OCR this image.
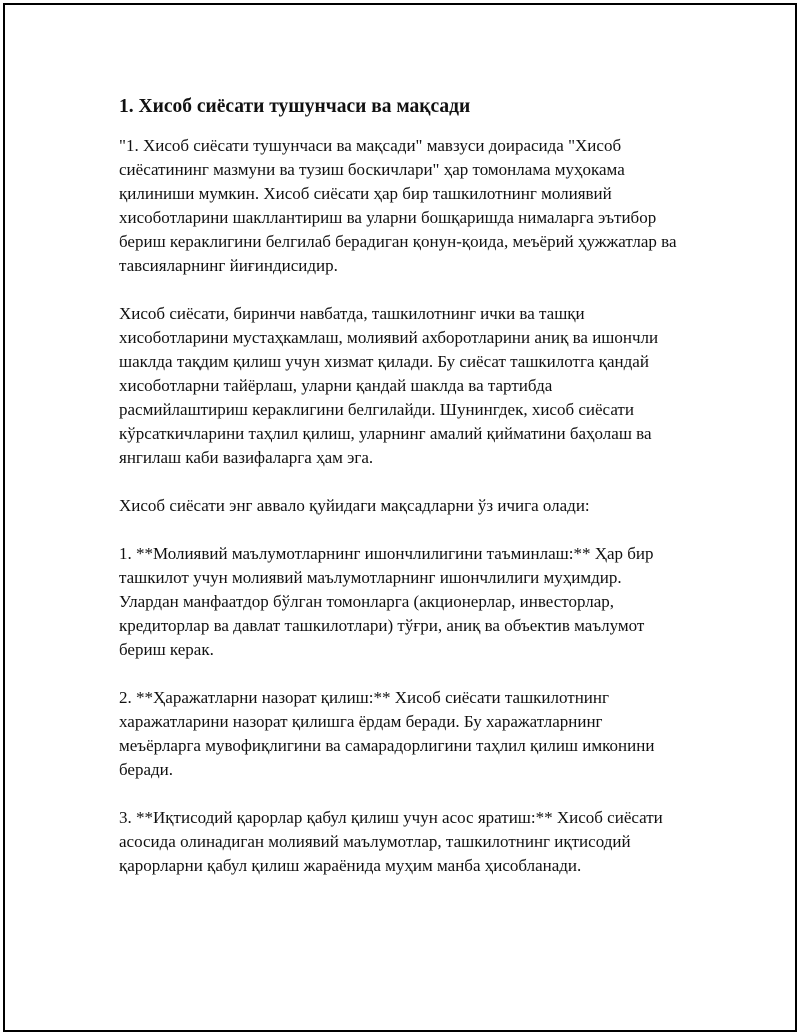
1. Хисоб сиёсати тушунчаси ва мақсади

"1. Хисоб сиёсати тушунчаси ва мақсади" мавзуси доирасида "Хисоб сиёсатининг мазмуни ва тузиш боскичлари" ҳар томонлама муҳокама қилиниши мумкин. Хисоб сиёсати ҳар бир ташкилотнинг молиявий хисоботларини шакллантириш ва уларни бошқаришда нималарга эътибор бериш кераклигини белгилаб берадиган қонун-қоида, меъёрий ҳужжатлар ва тавсияларнинг йиғиндисидир.

Хисоб сиёсати, биринчи навбатда, ташкилотнинг ички ва ташқи хисоботларини мустаҳкамлаш, молиявий ахборотларини аниқ ва ишончли шаклда тақдим қилиш учун хизмат қилади. Бу сиёсат ташкилотга қандай хисоботларни тайёрлаш, уларни қандай шаклда ва тартибда расмийлаштириш кераклигини белгилайди. Шунингдек, хисоб сиёсати кўрсаткичларини таҳлил қилиш, уларнинг амалий қийматини баҳолаш ва янгилаш каби вазифаларга ҳам эга.

Хисоб сиёсати энг аввало қуйидаги мақсадларни ўз ичига олади:

1. **Молиявий маълумотларнинг ишончлилигини таъминлаш:** Ҳар бир ташкилот учун молиявий маълумотларнинг ишончлилиги муҳимдир. Улардан манфаатдор бўлган томонларга (акционерлар, инвесторлар, кредиторлар ва давлат ташкилотлари) тўғри, аниқ ва объектив маълумот бериш керак.

2. **Ҳаражатларни назорат қилиш:** Хисоб сиёсати ташкилотнинг харажатларини назорат қилишга ёрдам беради. Бу харажатларнинг меъёрларга мувофиқлигини ва самарадорлигини таҳлил қилиш имконини беради.

3. **Иқтисодий қарорлар қабул қилиш учун асос яратиш:** Хисоб сиёсати асосида олинадиган молиявий маълумотлар, ташкилотнинг иқтисодий қарорларни қабул қилиш жараёнида муҳим манба ҳисобланади.
